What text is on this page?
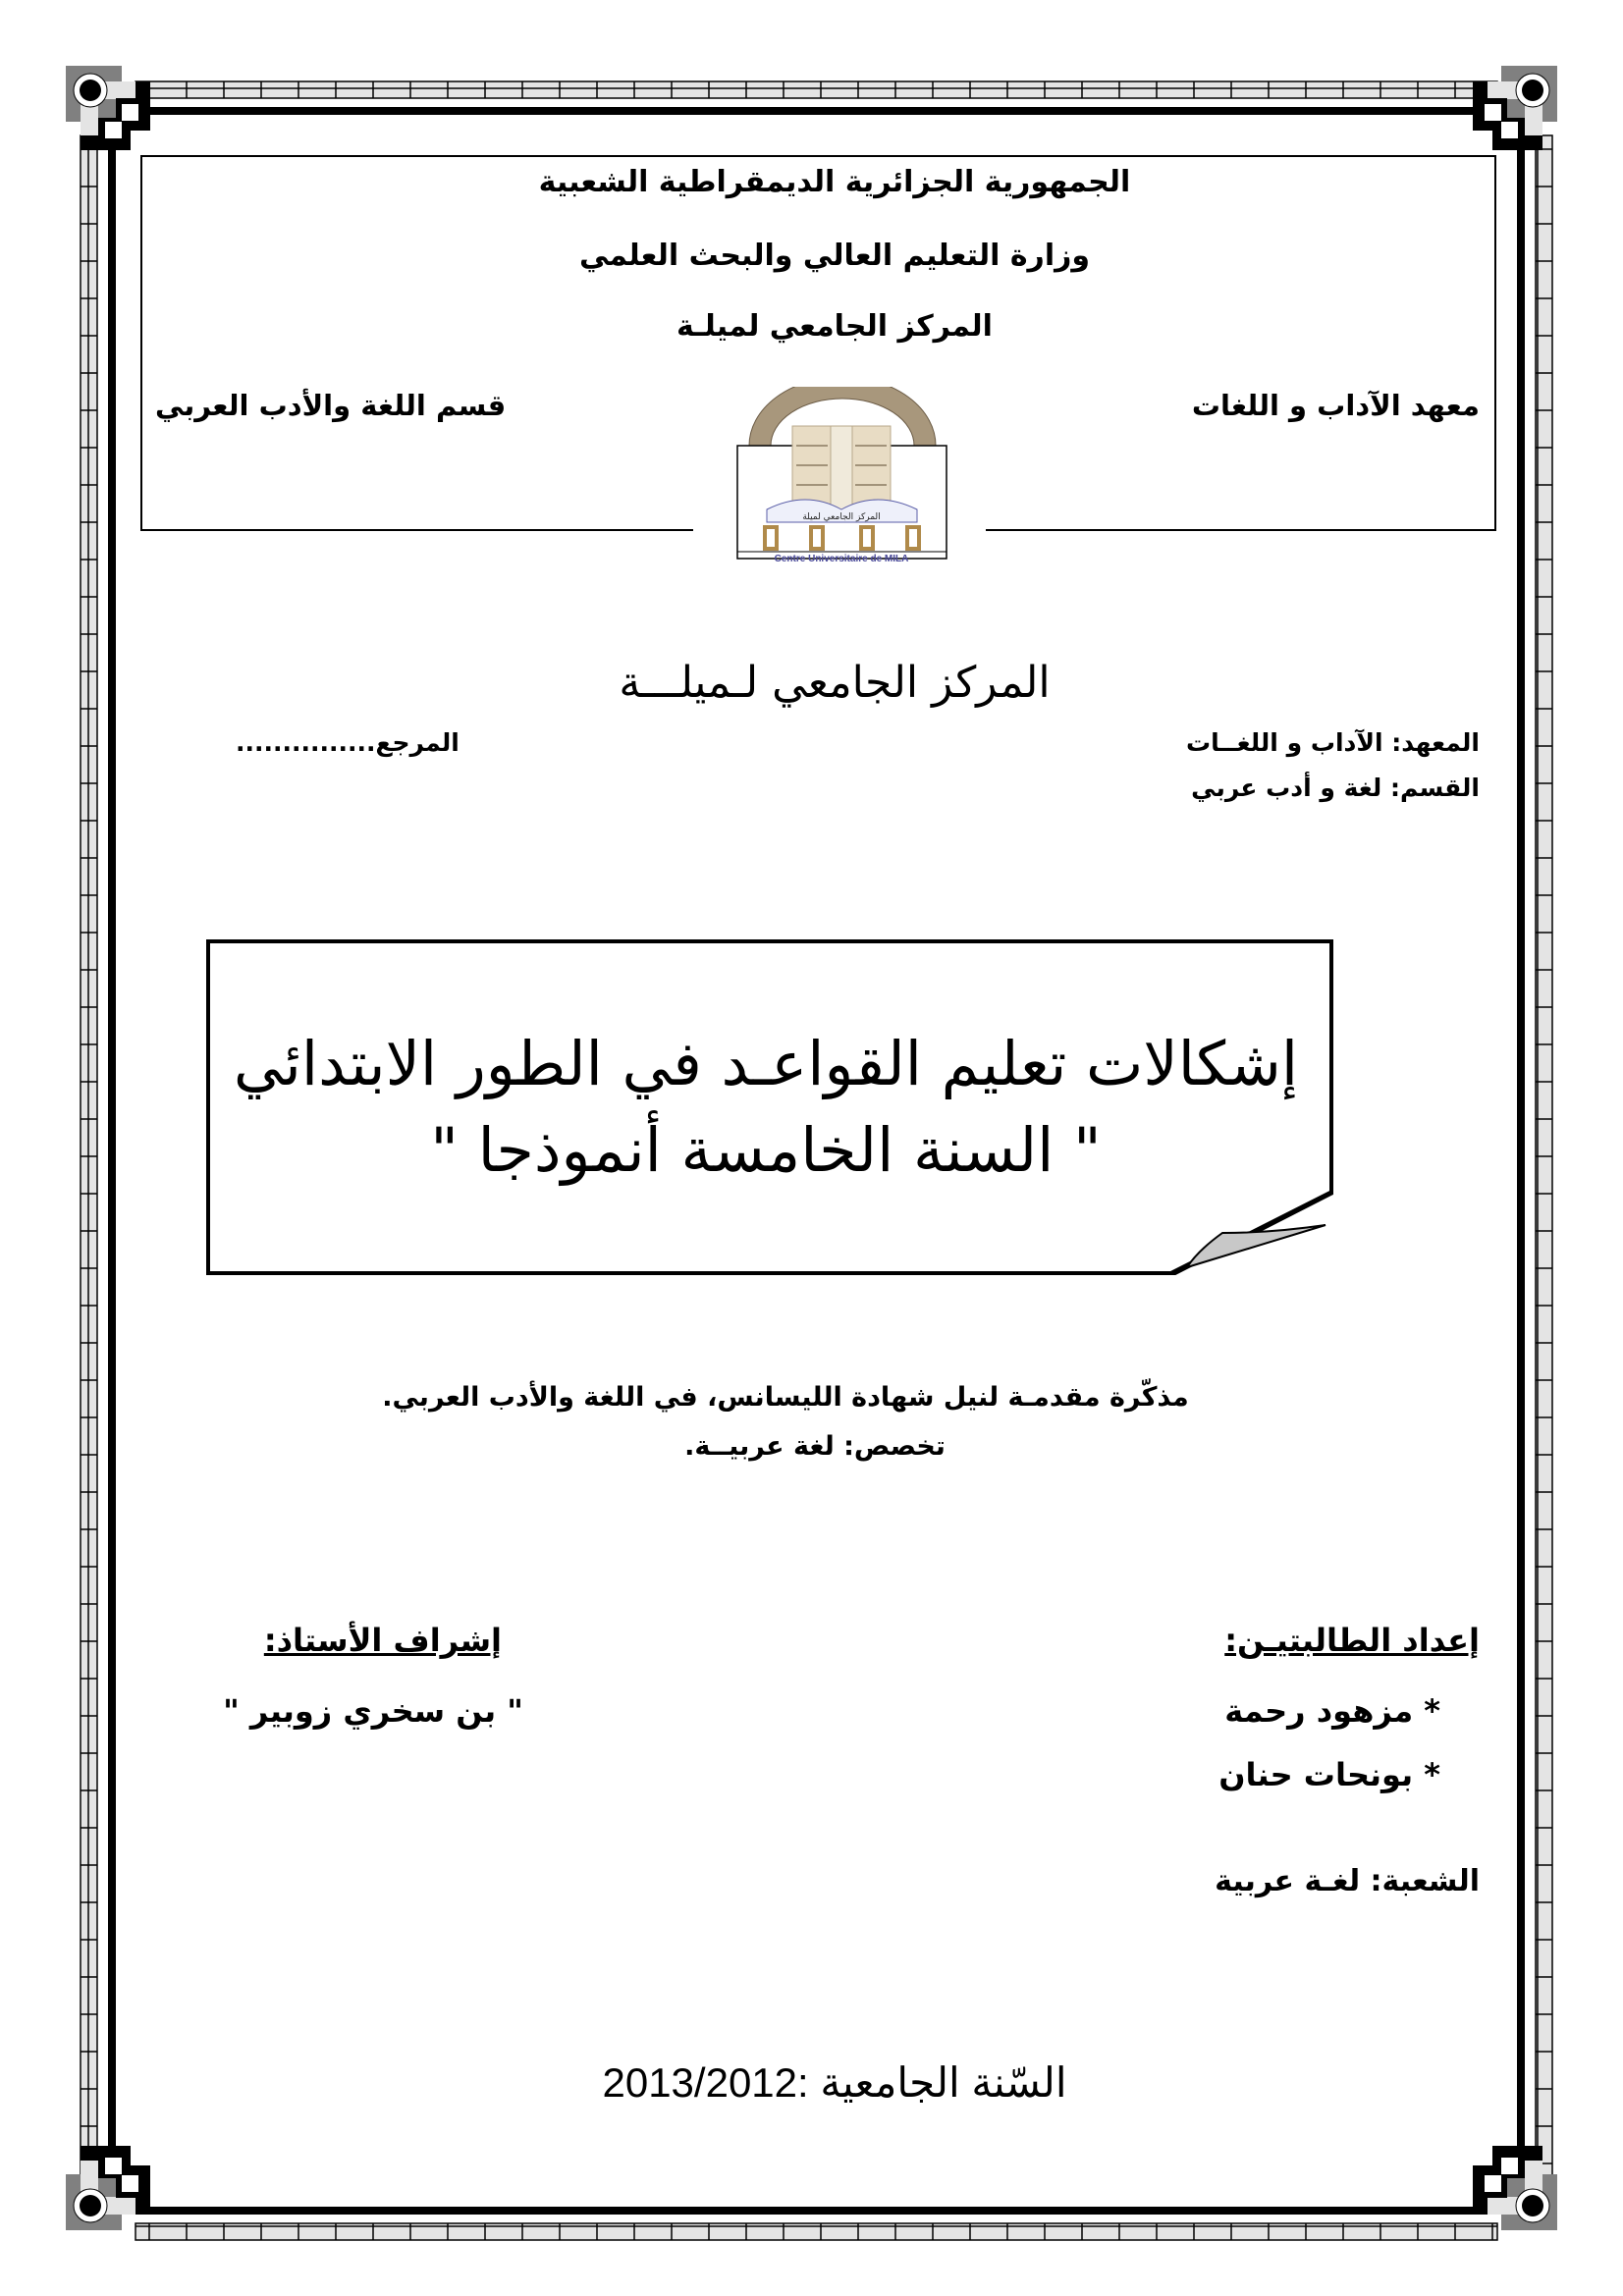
الجمهورية الجزائرية الديمقراطية الشعبية
وزارة التعليم العالي والبحث العلمي
المركز الجامعي لميلـة
معهد الآداب و اللغات
قسم اللغة والأدب العربي
المركز الجامعي لميلة
Centre Universitaire de MILA
المركز الجامعي لـميلـــة
المعهد: الآداب و اللغــات
القسم: لغة و أدب عربي
المرجع...............
إشكالات تعليم القواعـد في الطور الابتدائي
" السنة الخامسة أنموذجا "
مذكّرة مقدمـة لنيل شهادة الليسانس، في اللغة والأدب العربي.
تخصص: لغة عربيــة.
إعداد الطالبتيـن:
* مزهود رحمة
* بونحات حنان
الشعبة: لغـة عربية
إشراف الأستاذ:
" بن سخري زوبير "
السّنة الجامعية :2013/2012
